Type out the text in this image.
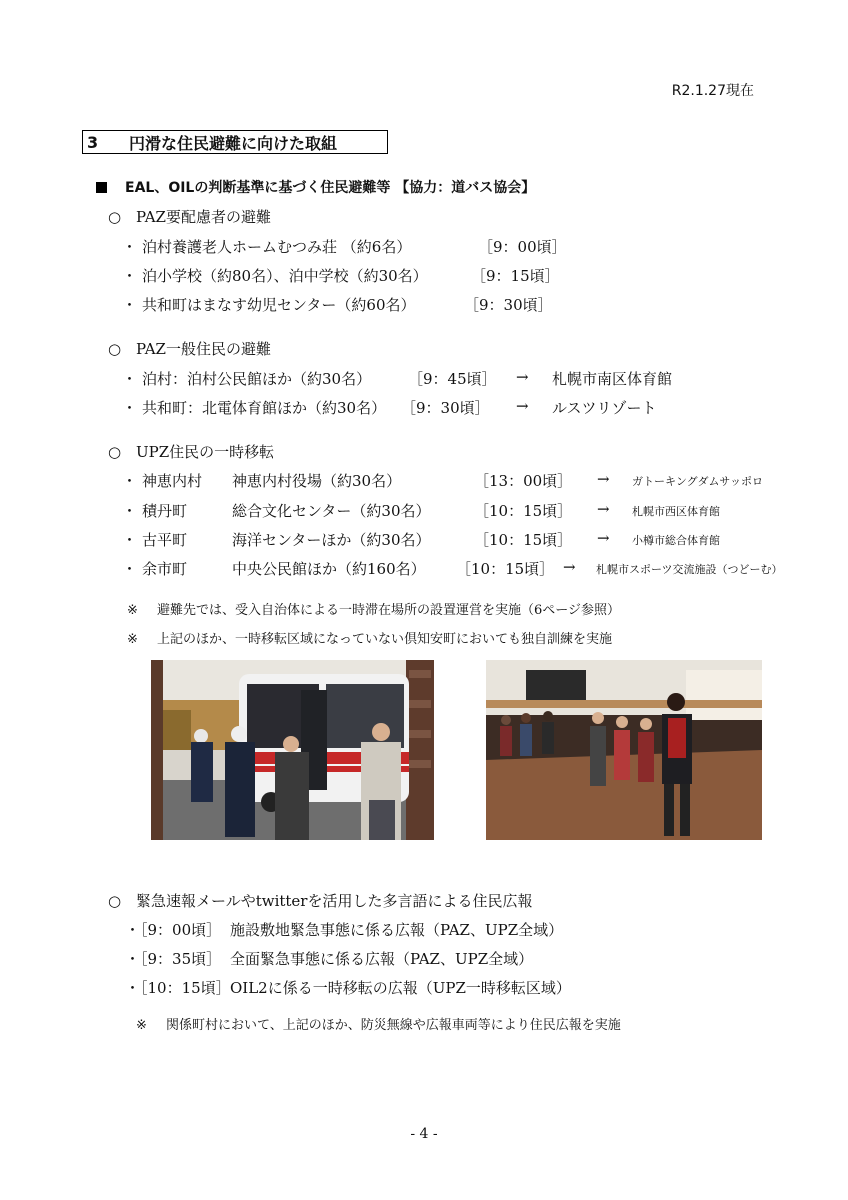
R2.1.27現在
3	円滑な住民避難に向けた取組
EAL、OILの判断基準に基づく住民避難等 【協力：道バス協会】
○ PAZ要配慮者の避難
・ 泊村養護老人ホームむつみ荘 （約6名）	［9：00頃］
・ 泊小学校（約80名）、泊中学校（約30名）	［9：15頃］
・ 共和町はまなす幼児センター（約60名）	［9：30頃］
○ PAZ一般住民の避難
・ 泊村：泊村公民館ほか（約30名） ［9：45頃］ → 札幌市南区体育館
・ 共和町：北電体育館ほか（約30名） ［9：30頃］ → ルスツリゾート
○ UPZ住民の一時移転
・ 神恵内村 神恵内村役場（約30名）	［13：00頃］ → ガトーキングダムサッポロ
・ 積丹町	総合文化センター（約30名）	［10：15頃］ → 札幌市西区体育館
・ 古平町	海洋センターほか（約30名）	［10：15頃］ → 小樽市総合体育館
・ 余市町	中央公民館ほか（約160名） ［10：15頃］ → 札幌市スポーツ交流施設（つどーむ）
※ 避難先では、受入自治体による一時滞在場所の設置運営を実施（6ページ参照）
※ 上記のほか、一時移転区域になっていない倶知安町においても独自訓練を実施
○ 緊急速報メールやtwitterを活用した多言語による住民広報
・［9：00頃］ 施設敷地緊急事態に係る広報（PAZ、UPZ全域）
・［9：35頃］ 全面緊急事態に係る広報（PAZ、UPZ全域）
・［10：15頃］ OIL2に係る一時移転の広報（UPZ一時移転区域）
※ 関係町村において、上記のほか、防災無線や広報車両等により住民広報を実施
- 4 -
